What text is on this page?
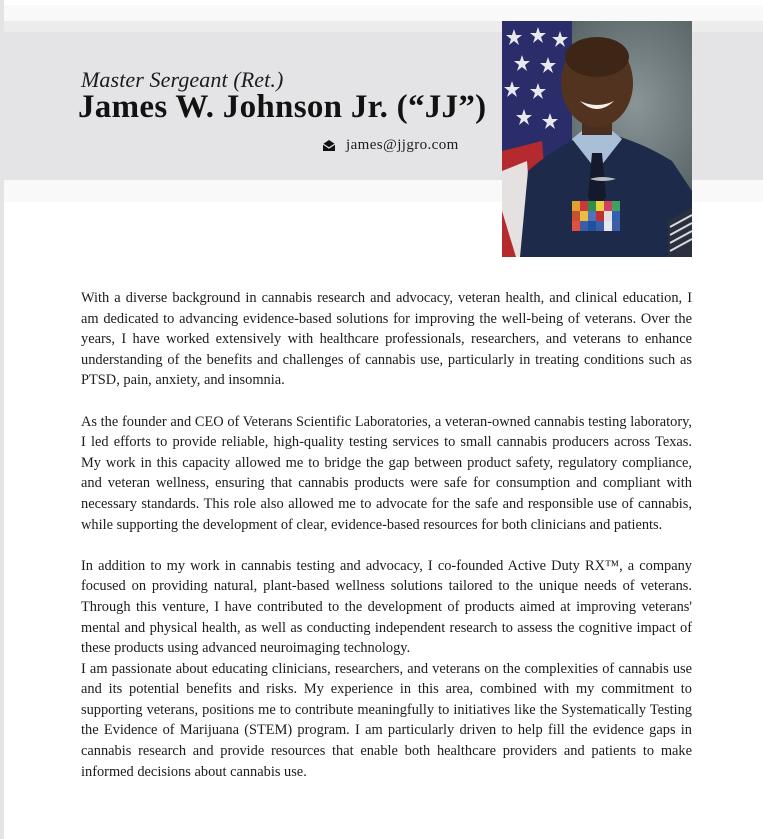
Master Sergeant (Ret.)
James W. Johnson Jr. (“JJ”)
james@jjgro.com

With a diverse background in cannabis research and advocacy, veteran health, and clinical education, I am dedicated to advancing evidence-based solutions for improving the well-being of veterans. Over the years, I have worked extensively with healthcare professionals, researchers, and veterans to enhance understanding of the benefits and challenges of cannabis use, particularly in treating conditions such as PTSD, pain, anxiety, and insomnia.

As the founder and CEO of Veterans Scientific Laboratories, a veteran-owned cannabis testing laboratory, I led efforts to provide reliable, high-quality testing services to small cannabis producers across Texas. My work in this capacity allowed me to bridge the gap between product safety, regulatory compliance, and veteran wellness, ensuring that cannabis products were safe for consumption and compliant with necessary standards. This role also allowed me to advocate for the safe and responsible use of cannabis, while supporting the development of clear, evidence-based resources for both clinicians and patients.

In addition to my work in cannabis testing and advocacy, I co-founded Active Duty RX™, a company focused on providing natural, plant-based wellness solutions tailored to the unique needs of veterans. Through this venture, I have contributed to the development of products aimed at improving veterans' mental and physical health, as well as conducting independent research to assess the cognitive impact of these products using advanced neuroimaging technology.

I am passionate about educating clinicians, researchers, and veterans on the complexities of cannabis use and its potential benefits and risks. My experience in this area, combined with my commitment to supporting veterans, positions me to contribute meaningfully to initiatives like the Systematically Testing the Evidence of Marijuana (STEM) program. I am particularly driven to help fill the evidence gaps in cannabis research and provide resources that enable both healthcare providers and patients to make informed decisions about cannabis use.
